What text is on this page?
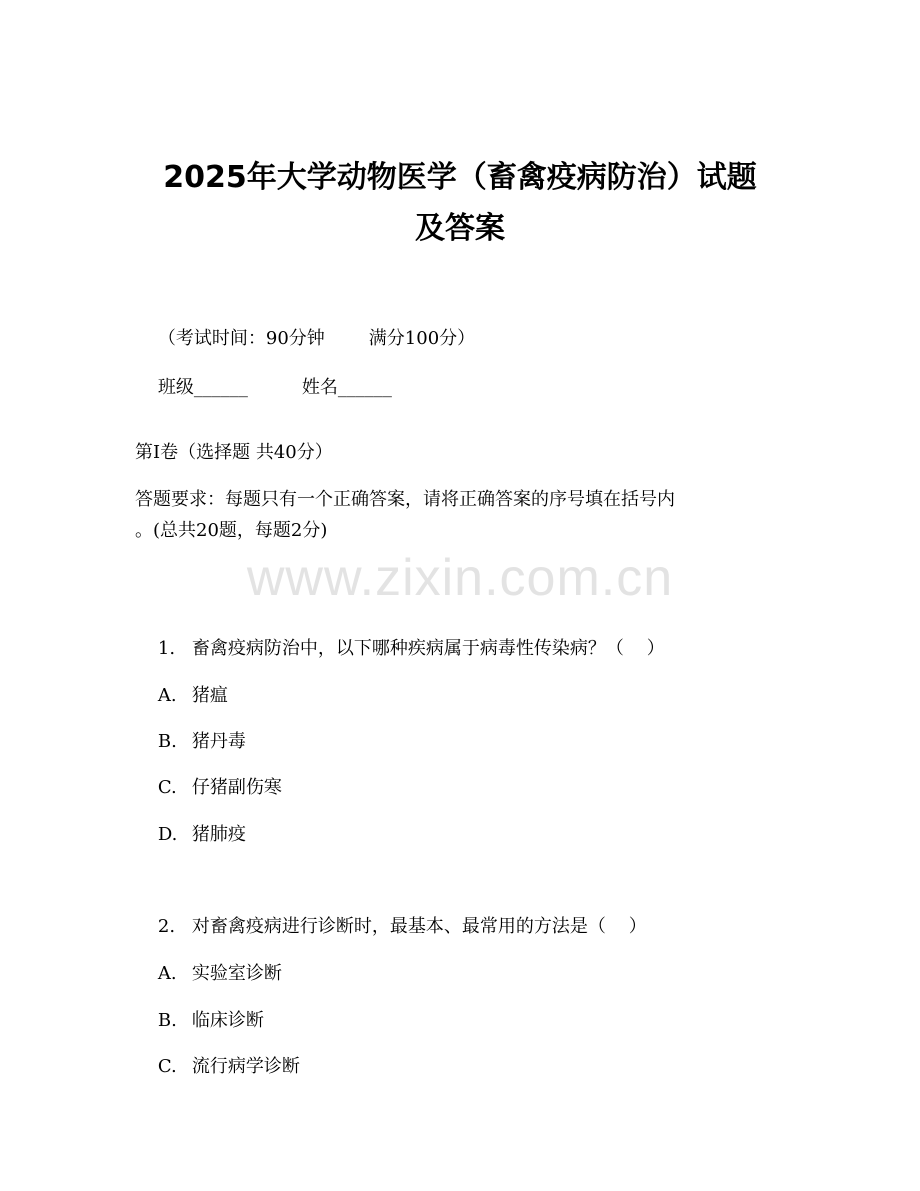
www.zixin.com.cn
2025年大学动物医学（畜禽疫病防治）试题
及答案

（考试时间：90分钟 满分100分）

班级______	姓名______

第I卷（选择题 共40分）
答题要求：每题只有一个正确答案，请将正确答案的序号填在括号内
。(总共20题，每题2分)

1. 畜禽疫病防治中，以下哪种疾病属于病毒性传染病？（    ）

A. 猪瘟

B. 猪丹毒

C. 仔猪副伤寒

D. 猪肺疫

2. 对畜禽疫病进行诊断时，最基本、最常用的方法是（    ）

A. 实验室诊断

B. 临床诊断

C. 流行病学诊断
